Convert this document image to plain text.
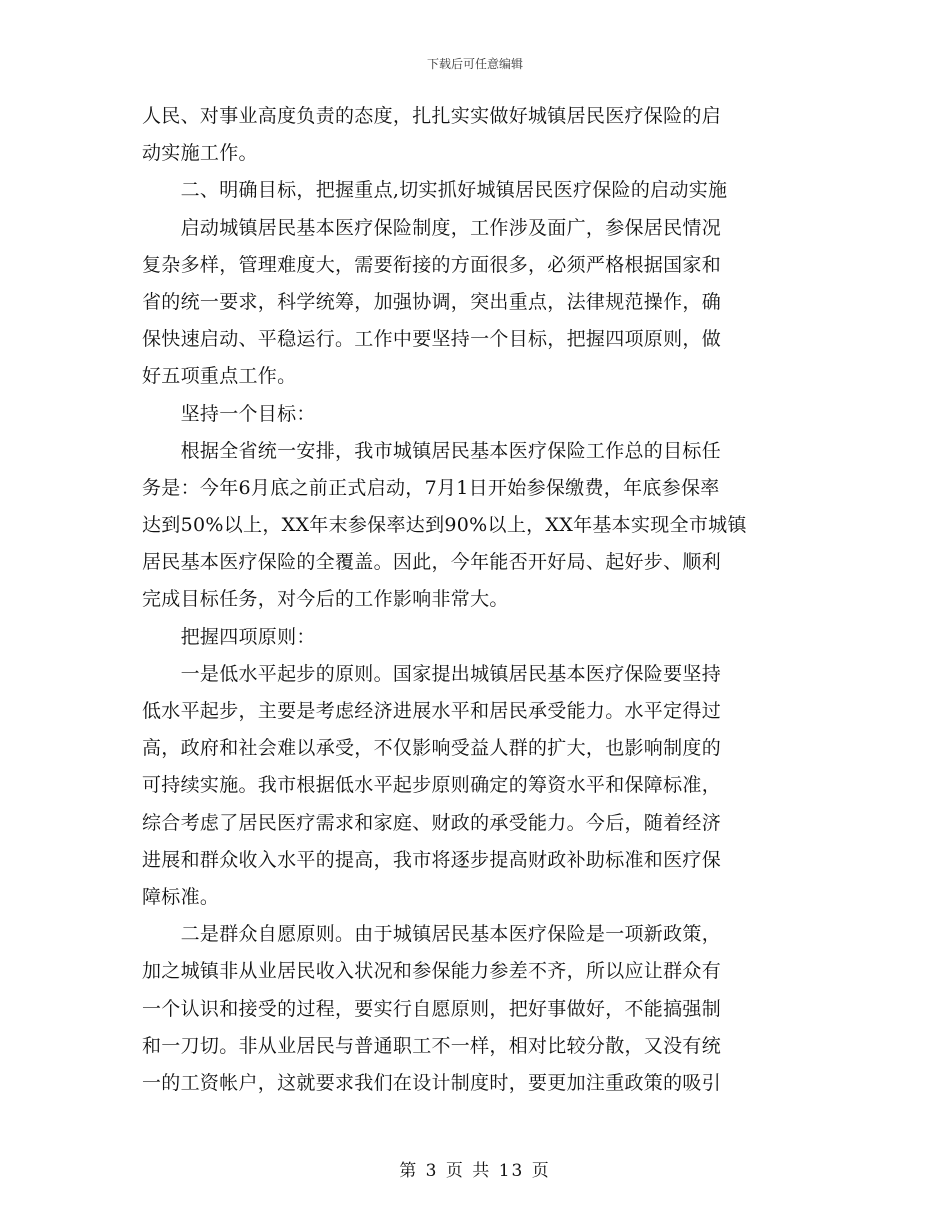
下载后可任意编辑
人民、对事业高度负责的态度，扎扎实实做好城镇居民医疗保险的启
动实施工作。
　　二、明确目标，把握重点,切实抓好城镇居民医疗保险的启动实施
　　启动城镇居民基本医疗保险制度，工作涉及面广，参保居民情况
复杂多样，管理难度大，需要衔接的方面很多，必须严格根据国家和
省的统一要求，科学统筹，加强协调，突出重点，法律规范操作，确
保快速启动、平稳运行。工作中要坚持一个目标，把握四项原则，做
好五项重点工作。
　　坚持一个目标：
　　根据全省统一安排，我市城镇居民基本医疗保险工作总的目标任
务是：今年6月底之前正式启动，7月1日开始参保缴费，年底参保率
达到50%以上，XX年末参保率达到90%以上，XX年基本实现全市城镇
居民基本医疗保险的全覆盖。因此，今年能否开好局、起好步、顺利
完成目标任务，对今后的工作影响非常大。
　　把握四项原则：
　　一是低水平起步的原则。国家提出城镇居民基本医疗保险要坚持
低水平起步，主要是考虑经济进展水平和居民承受能力。水平定得过
高，政府和社会难以承受，不仅影响受益人群的扩大，也影响制度的
可持续实施。我市根据低水平起步原则确定的筹资水平和保障标准，
综合考虑了居民医疗需求和家庭、财政的承受能力。今后，随着经济
进展和群众收入水平的提高，我市将逐步提高财政补助标准和医疗保
障标准。
　　二是群众自愿原则。由于城镇居民基本医疗保险是一项新政策，
加之城镇非从业居民收入状况和参保能力参差不齐，所以应让群众有
一个认识和接受的过程，要实行自愿原则，把好事做好，不能搞强制
和一刀切。非从业居民与普通职工不一样，相对比较分散，又没有统
一的工资帐户，这就要求我们在设计制度时，要更加注重政策的吸引
第 3 页 共 13 页
